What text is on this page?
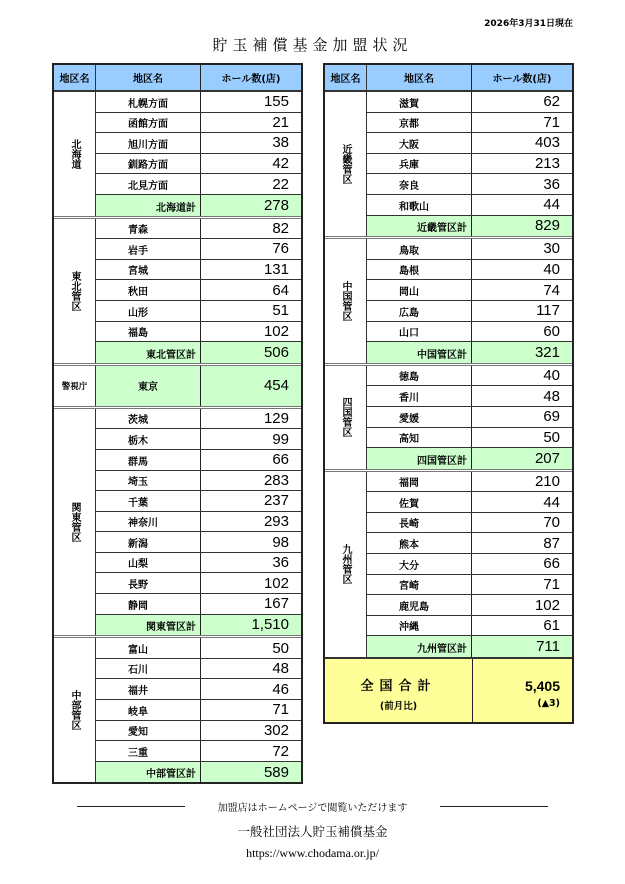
2026年3月31日現在
貯玉補償基金加盟状況
地区名	地区名	ホール数(店)
北海道
札幌方面	155
函館方面	21
旭川方面	38
釧路方面	42
北見方面	22
北海道計	278
東北管区
青森	82
岩手	76
宮城	131
秋田	64
山形	51
福島	102
東北管区計	506
警視庁	東京	454
関東管区
茨城	129
栃木	99
群馬	66
埼玉	283
千葉	237
神奈川	293
新潟	98
山梨	36
長野	102
静岡	167
関東管区計	1,510
中部管区
富山	50
石川	48
福井	46
岐阜	71
愛知	302
三重	72
中部管区計	589
地区名	地区名	ホール数(店)
近畿管区
滋賀	62
京都	71
大阪	403
兵庫	213
奈良	36
和歌山	44
近畿管区計	829
中国管区
鳥取	30
島根	40
岡山	74
広島	117
山口	60
中国管区計	321
四国管区
徳島	40
香川	48
愛媛	69
高知	50
四国管区計	207
九州管区
福岡	210
佐賀	44
長崎	70
熊本	87
大分	66
宮崎	71
鹿児島	102
沖縄	61
九州管区計	711
全国合計
(前月比)
5,405
(▲3)
加盟店はホームページで閲覧いただけます
一般社団法人貯玉補償基金
https://www.chodama.or.jp/
